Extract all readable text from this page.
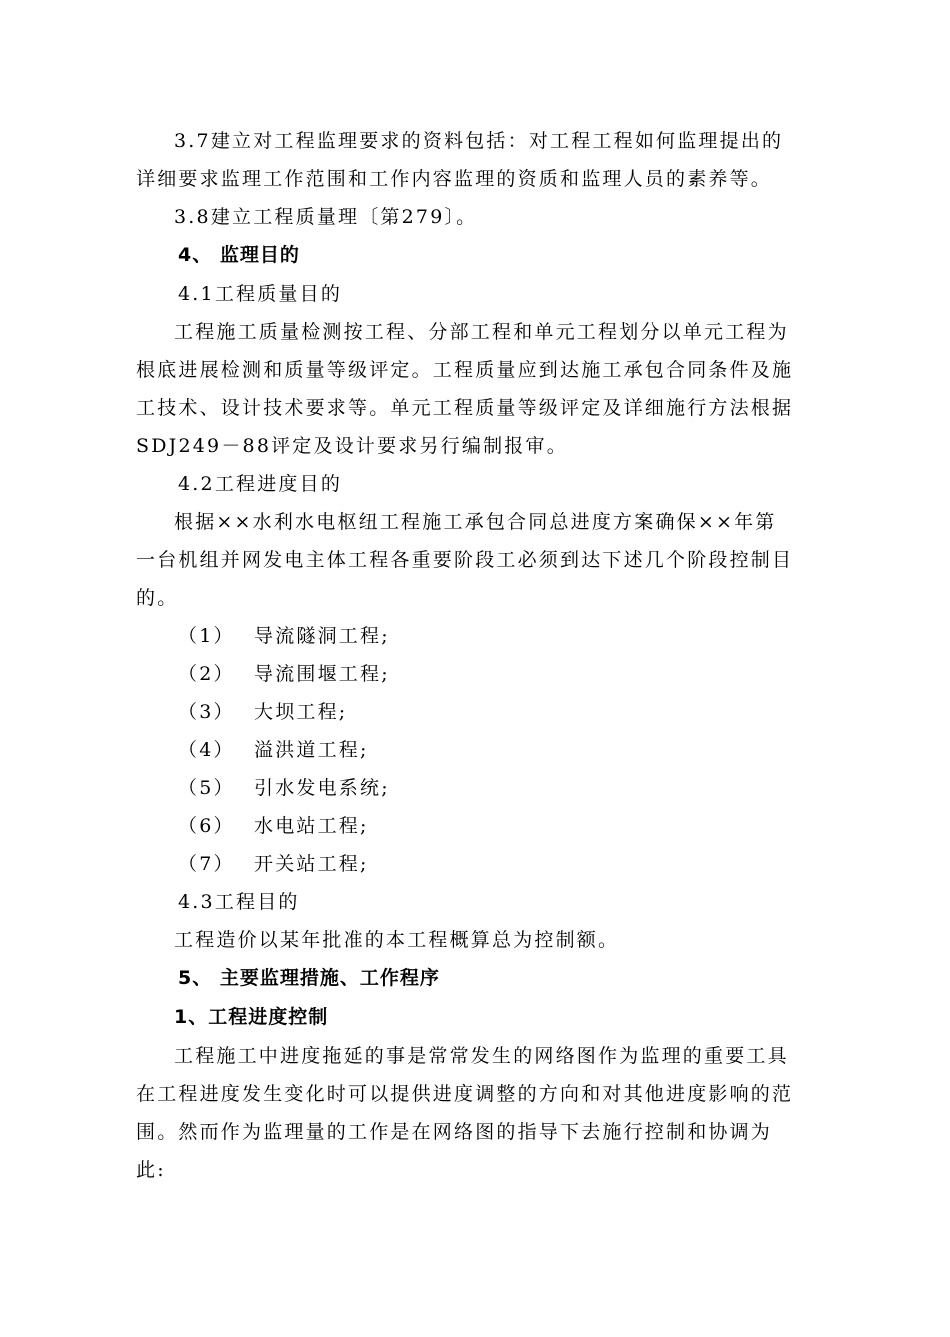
3.7建立对工程监理要求的资料包括：对工程工程如何监理提出的
详细要求监理工作范围和工作内容监理的资质和监理人员的素养等。
3.8建立工程质量理〔第279〕。
4、 监理目的
4.1工程质量目的
工程施工质量检测按工程、分部工程和单元工程划分以单元工程为
根底进展检测和质量等级评定。工程质量应到达施工承包合同条件及施
工技术、设计技术要求等。单元工程质量等级评定及详细施行方法根据
SDJ249－88评定及设计要求另行编制报审。
4.2工程进度目的
根据××水利水电枢纽工程施工承包合同总进度方案确保××年第
一台机组并网发电主体工程各重要阶段工必须到达下述几个阶段控制目
的。
（1） 导流隧洞工程;
（2） 导流围堰工程;
（3） 大坝工程;
（4） 溢洪道工程;
（5） 引水发电系统;
（6） 水电站工程;
（7） 开关站工程;
4.3工程目的
工程造价以某年批准的本工程概算总为控制额。
5、 主要监理措施、工作程序
1、工程进度控制
工程施工中进度拖延的事是常常发生的网络图作为监理的重要工具
在工程进度发生变化时可以提供进度调整的方向和对其他进度影响的范
围。然而作为监理量的工作是在网络图的指导下去施行控制和协调为
此:
